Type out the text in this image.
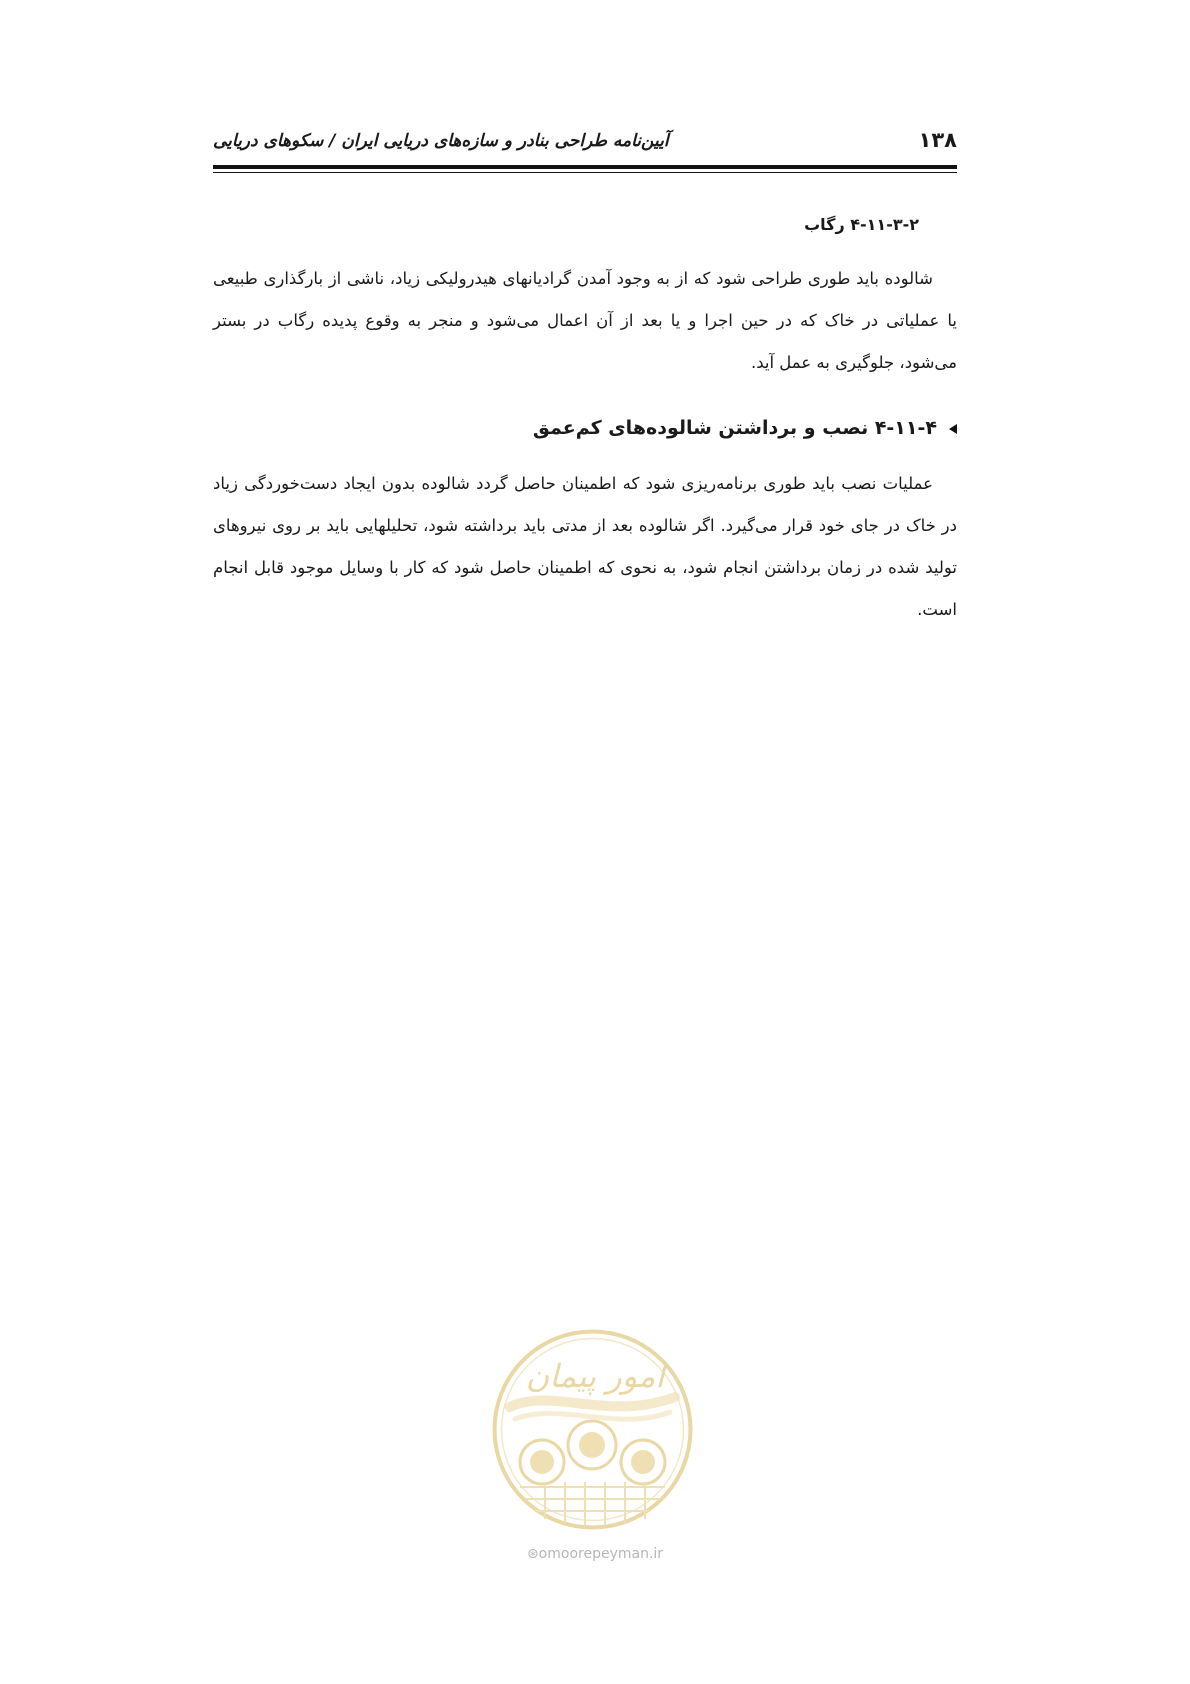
۱۳۸
آیین‌نامه طراحی بنادر و سازه‌های دریایی ایران / سکوهای دریایی
۴-۱۱-۳-۲ رگاب
شالوده باید طوری طراحی شود که از به وجود آمدن گرادیانهای هیدرولیکی زیاد، ناشی از بارگذاری طبیعی یا عملیاتی در خاک که در حین اجرا و یا بعد از آن اعمال می‌شود و منجر به وقوع پدیده رگاب در بستر می‌شود، جلوگیری به عمل آید.
۴-۱۱-۴ نصب و برداشتن شالوده‌های کم‌عمق
عملیات نصب باید طوری برنامه‌ریزی شود که اطمینان حاصل گردد شالوده بدون ایجاد دست‌خوردگی زیاد در خاک در جای خود قرار می‌گیرد. اگر شالوده بعد از مدتی باید برداشته شود، تحلیلهایی باید بر روی نیروهای تولید شده در زمان برداشتن انجام شود، به نحوی که اطمینان حاصل شود که کار با وسایل موجود قابل انجام است.
امور پیمان
⊛omoorepeyman.ir
